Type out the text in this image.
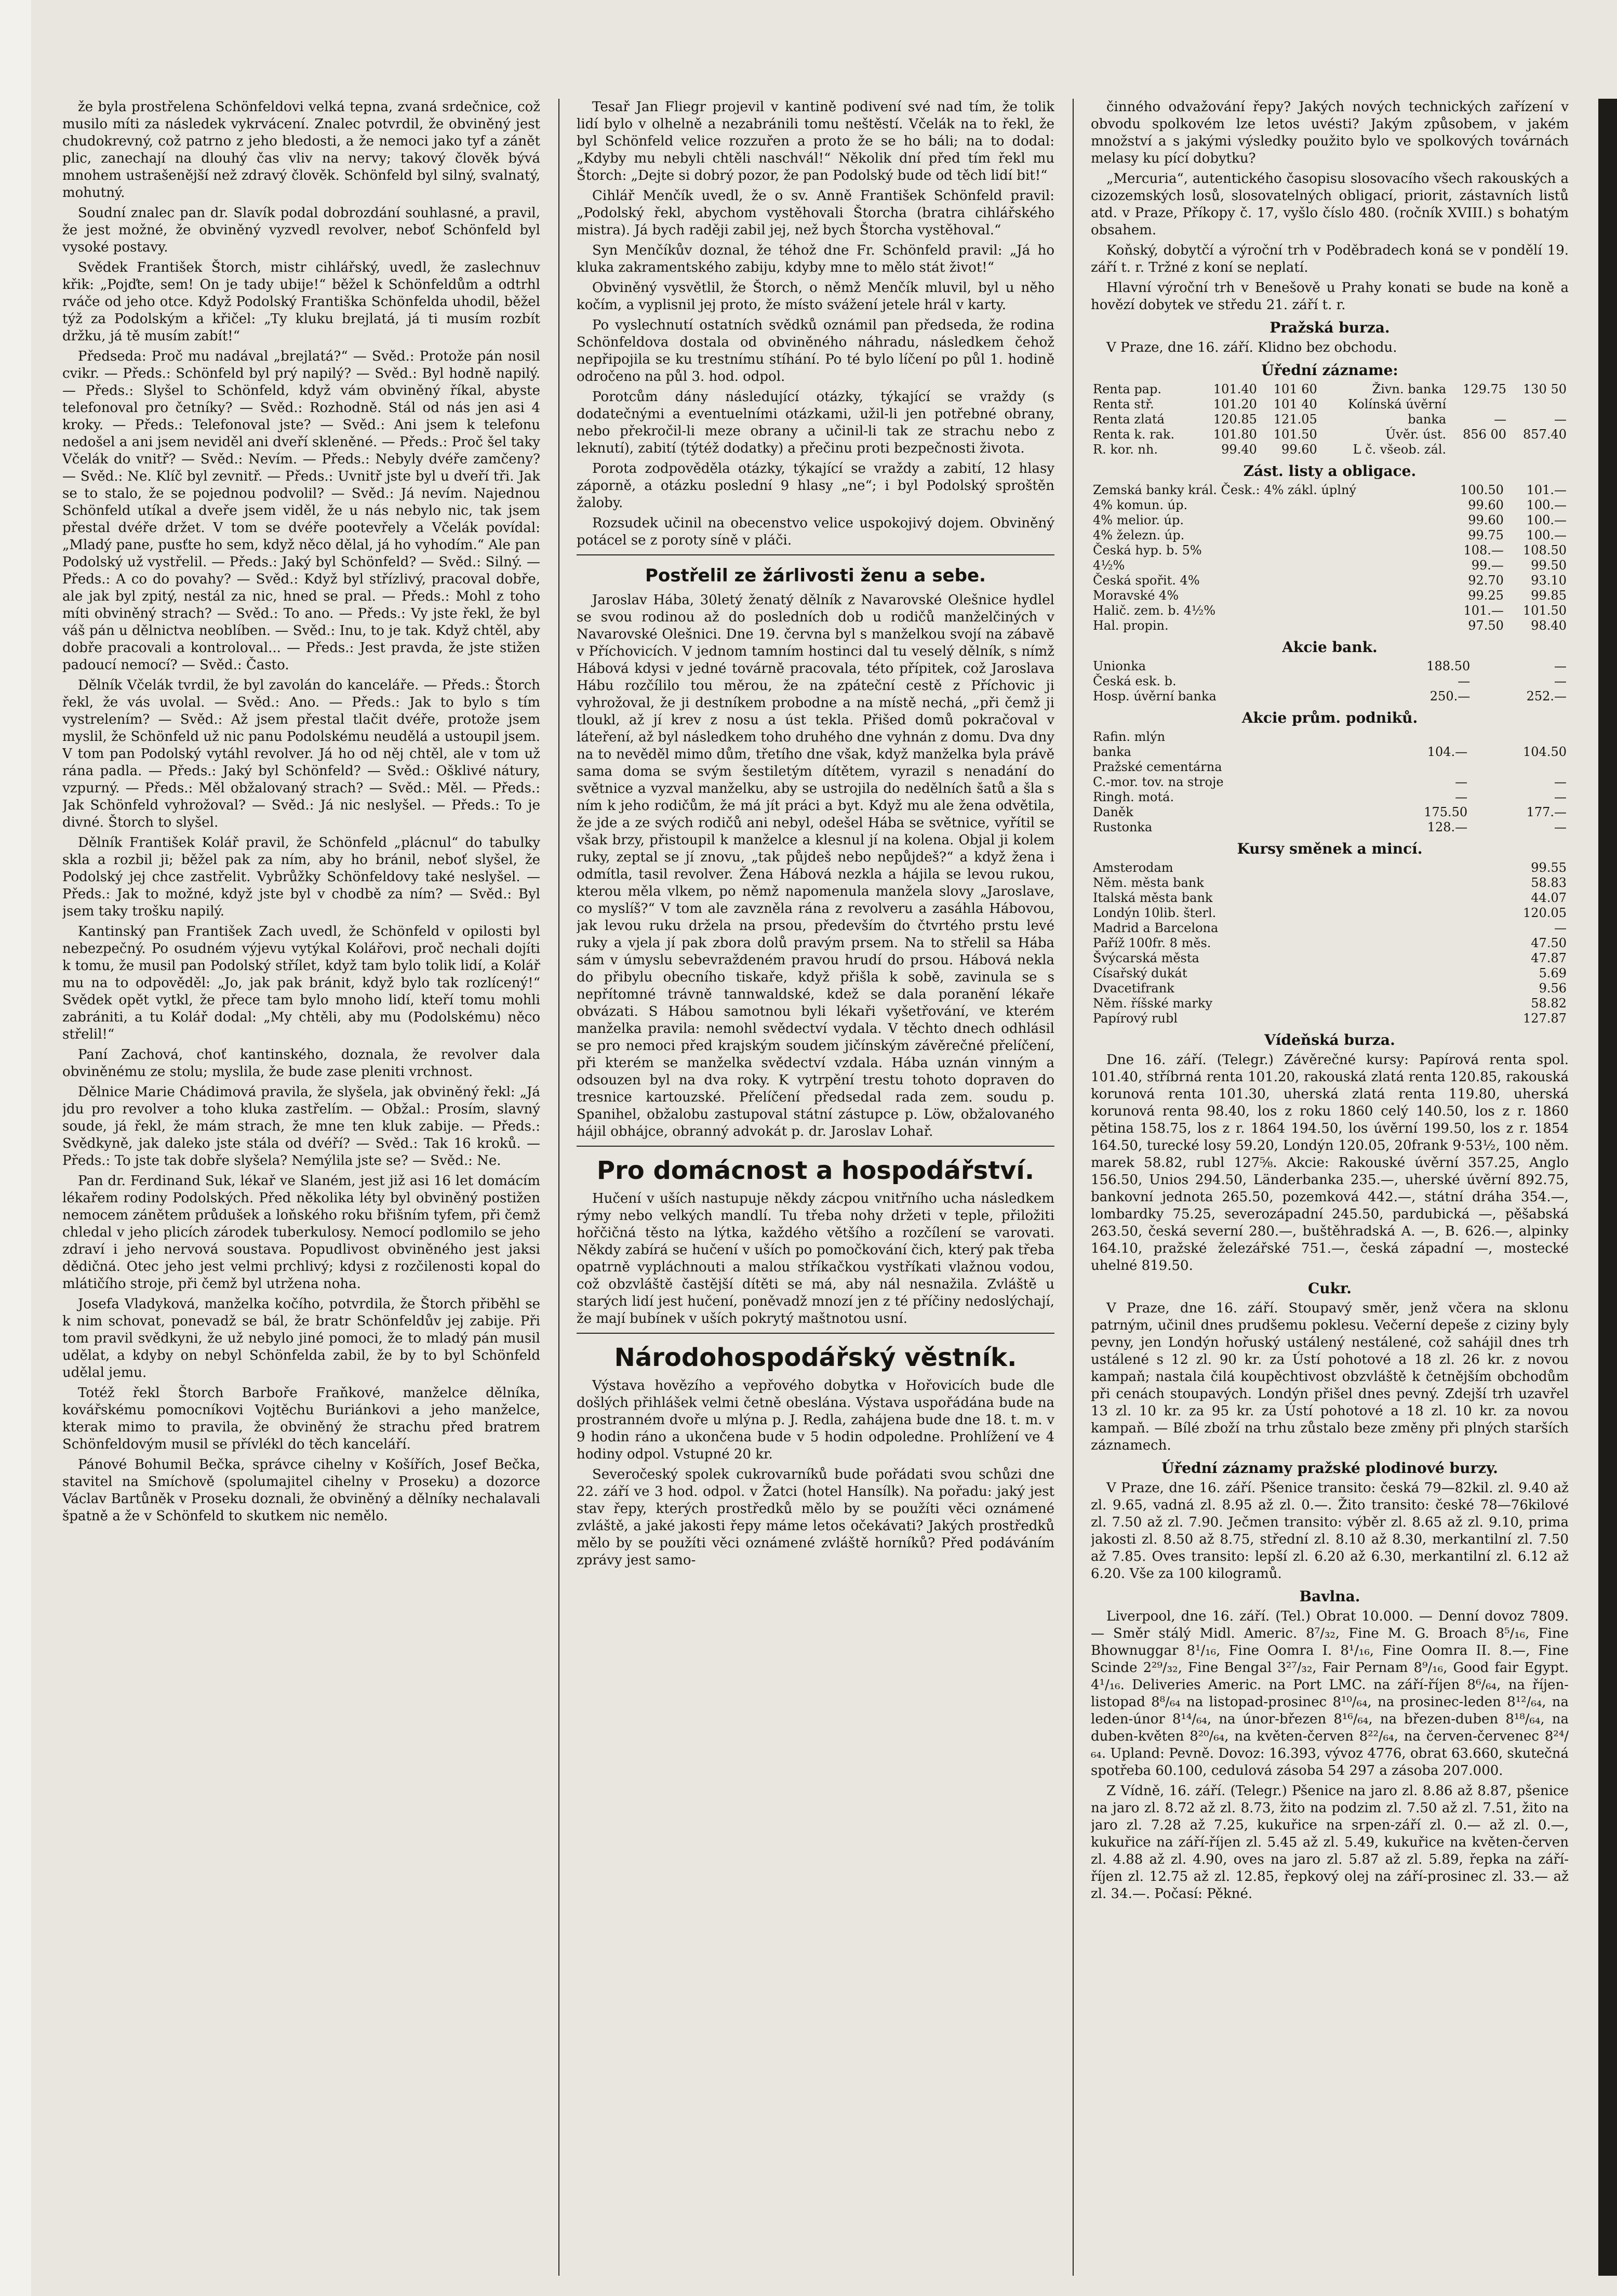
že byla prostřelena Schönfeldovi velká tepna, zvaná srdečnice, což musilo míti za následek vykrvácení. Znalec potvrdil, že obviněný jest chudokrevný, což patrno z jeho bledosti, a že nemoci jako tyf a zánět plic, zanechají na dlouhý čas vliv na nervy; takový člověk bývá mnohem ustrašenější než zdravý člověk. Schönfeld byl silný, svalnatý, mohutný.

Soudní znalec pan dr. Slavík podal dobrozdání souhlasné, a pravil, že jest možné, že obviněný vyzvedl revolver, neboť Schönfeld byl vysoké postavy.

Svědek František Štorch, mistr cihlářský, uvedl, že zaslechnuv křik: „Pojďte, sem! On je tady ubije!“ běžel k Schönfeldům a odtrhl rváče od jeho otce. Když Podolský Františka Schönfelda uhodil, běžel týž za Podolským a křičel: „Ty kluku brejlatá, já ti musím rozbít držku, já tě musím zabít!“

Předseda: Proč mu nadával „brejlatá?“ — Svěd.: Protože pán nosil cvikr. — Předs.: Schönfeld byl prý napilý? — Svěd.: Byl hodně napilý. — Předs.: Slyšel to Schönfeld, když vám obviněný říkal, abyste telefonoval pro četníky? — Svěd.: Rozhodně. Stál od nás jen asi 4 kroky. — Předs.: Telefonoval jste? — Svěd.: Ani jsem k telefonu nedošel a ani jsem neviděl ani dveří skleněné. — Předs.: Proč šel taky Včelák do vnitř? — Svěd.: Nevím. — Předs.: Nebyly dvéře zamčeny? — Svěd.: Ne. Klíč byl zevnitř. — Předs.: Uvnitř jste byl u dveří tři. Jak se to stalo, že se pojednou podvolil? — Svěd.: Já nevím. Najednou Schönfeld utíkal a dveře jsem viděl, že u nás nebylo nic, tak jsem přestal dvéře držet. V tom se dvéře pootevřely a Včelák povídal: „Mladý pane, pusťte ho sem, když něco dělal, já ho vyhodím.“ Ale pan Podolský už vystřelil. — Předs.: Jaký byl Schönfeld? — Svěd.: Silný. — Předs.: A co do povahy? — Svěd.: Když byl střízlivý, pracoval dobře, ale jak byl zpitý, nestál za nic, hned se pral. — Předs.: Mohl z toho míti obviněný strach? — Svěd.: To ano. — Předs.: Vy jste řekl, že byl váš pán u dělnictva neoblíben. — Svěd.: Inu, to je tak. Když chtěl, aby dobře pracovali a kontroloval... — Předs.: Jest pravda, že jste stižen padoucí nemocí? — Svěd.: Často.

Dělník Včelák tvrdil, že byl zavolán do kanceláře. — Předs.: Štorch řekl, že vás uvolal. — Svěd.: Ano. — Předs.: Jak to bylo s tím vystrelením? — Svěd.: Až jsem přestal tlačit dvéře, protože jsem myslil, že Schönfeld už nic panu Podolskému neudělá a ustoupil jsem. V tom pan Podolský vytáhl revolver. Já ho od něj chtěl, ale v tom už rána padla. — Předs.: Jaký byl Schönfeld? — Svěd.: Ošklivé nátury, vzpurný. — Předs.: Měl obžalovaný strach? — Svěd.: Měl. — Předs.: Jak Schönfeld vyhrožoval? — Svěd.: Já nic neslyšel. — Předs.: To je divné. Štorch to slyšel.

Dělník František Kolář pravil, že Schönfeld „plácnul“ do tabulky skla a rozbil ji; běžel pak za ním, aby ho bránil, neboť slyšel, že Podolský jej chce zastřelit. Vybrůžky Schönfeldovy také neslyšel. — Předs.: Jak to možné, když jste byl v chodbě za ním? — Svěd.: Byl jsem taky trošku napilý.

Kantinský pan František Zach uvedl, že Schönfeld v opilosti byl nebezpečný. Po osudném výjevu vytýkal Kolářovi, proč nechali dojíti k tomu, že musil pan Podolský střílet, když tam bylo tolik lidí, a Kolář mu na to odpověděl: „Jo, jak pak bránit, když bylo tak rozlícený!“ Svědek opět vytkl, že přece tam bylo mnoho lidí, kteří tomu mohli zabrániti, a tu Kolář dodal: „My chtěli, aby mu (Podolskému) něco střelil!“

Paní Zachová, choť kantinského, doznala, že revolver dala obviněnému ze stolu; myslila, že bude zase pleniti vrchnost.

Dělnice Marie Chádimová pravila, že slyšela, jak obviněný řekl: „Já jdu pro revolver a toho kluka zastřelím. — Obžal.: Prosím, slavný soude, já řekl, že mám strach, že mne ten kluk zabije. — Předs.: Svědkyně, jak daleko jste stála od dvéří? — Svěd.: Tak 16 kroků. — Předs.: To jste tak dobře slyšela? Nemýlila jste se? — Svěd.: Ne.

Pan dr. Ferdinand Suk, lékař ve Slaném, jest již asi 16 let domácím lékařem rodiny Podolských. Před několika léty byl obviněný postižen nemocem zánětem průdušek a loňského roku břišním tyfem, při čemž chledal v jeho plicích zárodek tuberkulosy. Nemocí podlomilo se jeho zdraví i jeho nervová soustava. Popudlivost obviněného jest jaksi dědičná. Otec jeho jest velmi prchlivý; kdysi z rozčilenosti kopal do mlátičího stroje, při čemž byl utržena noha.

Josefa Vladyková, manželka kočího, potvrdila, že Štorch přiběhl se k nim schovat, ponevadž se bál, že bratr Schönfeldův jej zabije. Při tom pravil svědkyni, že už nebylo jiné pomoci, že to mladý pán musil udělat, a kdyby on nebyl Schönfelda zabil, že by to byl Schönfeld udělal jemu.

Totéž řekl Štorch Barboře Fraňkové, manželce dělníka, kovářskému pomocníkovi Vojtěchu Buriánkovi a jeho manželce, kterak mimo to pravila, že obviněný že strachu před bratrem Schönfeldovým musil se přívlékl do těch kanceláří.

Pánové Bohumil Bečka, správce cihelny v Košířích, Josef Bečka, stavitel na Smíchově (spolumajitel cihelny v Proseku) a dozorce Václav Bartůněk v Proseku doznali, že obviněný a dělníky nechalavali špatně a že v Schönfeld to skutkem nic nemělo.

Tesař Jan Fliegr projevil v kantině podivení své nad tím, že tolik lidí bylo v olhelně a nezabránili tomu neštěstí. Včelák na to řekl, že byl Schönfeld velice rozzuřen a proto že se ho báli; na to dodal: „Kdyby mu nebyli chtěli naschvál!“ Několik dní před tím řekl mu Štorch: „Dejte si dobrý pozor, že pan Podolský bude od těch lidí bit!“

Cihlář Menčík uvedl, že o sv. Anně František Schönfeld pravil: „Podolský řekl, abychom vystěhovali Štorcha (bratra cihlářského mistra). Já bych raději zabil jej, než bych Štorcha vystěhoval.“

Syn Menčíkův doznal, že téhož dne Fr. Schönfeld pravil: „Já ho kluka zakramentského zabiju, kdyby mne to mělo stát život!“

Obviněný vysvětlil, že Štorch, o němž Menčík mluvil, byl u něho kočím, a vyplisnil jej proto, že místo svážení jetele hrál v karty.

Po vyslechnutí ostatních svědků oznámil pan předseda, že rodina Schönfeldova dostala od obviněného náhradu, následkem čehož nepřipojila se ku trestnímu stíhání. Po té bylo líčení po půl 1. hodině odročeno na půl 3. hod. odpol.

Porotcům dány následující otázky, týkající se vraždy (s dodatečnými a eventuelními otázkami, užil-li jen potřebné obrany, nebo překročil-li meze obrany a učinil-li tak ze strachu nebo z leknutí), zabití (týtéž dodatky) a přečinu proti bezpečnosti života.

Porota zodpověděla otázky, týkající se vraždy a zabití, 12 hlasy záporně, a otázku poslední 9 hlasy „ne“; i byl Podolský sproštěn žaloby.

Rozsudek učinil na obecenstvo velice uspokojivý dojem. Obviněný potácel se z poroty síně v pláči.

Postřelil ze žárlivosti ženu a sebe.

Jaroslav Hába, 30letý ženatý dělník z Navarovské Olešnice hydlel se svou rodinou až do posledních dob u rodičů manželčiných v Navarovské Olešnici. Dne 19. června byl s manželkou svojí na zábavě v Příchovicích. V jednom tamním hostinci dal tu veselý dělník, s nímž Hábová kdysi v jedné továrně pracovala, této přípitek, což Jaroslava Hábu rozčílilo tou měrou, že na zpáteční cestě z Příchovic ji vyhrožoval, že ji destníkem probodne a na místě nechá, „při čemž ji tloukl, až jí krev z nosu a úst tekla. Přišed domů pokračoval v láteření, až byl následkem toho druhého dne vyhnán z domu. Dva dny na to nevěděl mimo dům, třetího dne však, když manželka byla právě sama doma se svým šestiletým dítětem, vyrazil s nenadání do světnice a vyzval manželku, aby se ustrojila do nedělních šatů a šla s ním k jeho rodičům, že má jít práci a byt. Když mu ale žena odvětila, že jde a ze svých rodičů ani nebyl, odešel Hába se světnice, vyřítil se však brzy, přistoupil k manželce a klesnul jí na kolena. Objal ji kolem ruky, zeptal se jí znovu, „tak půjdeš nebo nepůjdeš?“ a když žena i odmítla, tasil revolver. Žena Hábová nezkla a hájila se levou rukou, kterou měla vlkem, po němž napomenula manžela slovy „Jaroslave, co myslíš?“ V tom ale zavzněla rána z revolveru a zasáhla Hábovou, jak levou ruku držela na prsou, především do čtvrtého prstu levé ruky a vjela jí pak zbora dolů pravým prsem. Na to střelil sa Hába sám v úmyslu sebevraždeném pravou hrudí do prsou. Hábová nekla do přibylu obecního tiskaře, když přišla k sobě, zavinula se s nepřítomné trávně tannwaldské, kdež se dala poranění lékaře obvázati. S Hábou samotnou byli lékaři vyšetřování, ve kterém manželka pravila: nemohl svědectví vydala. V těchto dnech odhlásil se pro nemoci před krajským soudem jičínským závěrečné přelíčení, při kterém se manželka svědectví vzdala. Hába uznán vinným a odsouzen byl na dva roky. K vytrpění trestu tohoto dopraven do tresnice kartouzské. Přelíčení předsedal rada zem. soudu p. Spanihel, obžalobu zastupoval státní zástupce p. Löw, obžalovaného hájil obhájce, obranný advokát p. dr. Jaroslav Lohař.

Pro domácnost a hospodářství.

Hučení v uších nastupuje někdy zácpou vnitřního ucha následkem rýmy nebo velkých mandlí. Tu třeba nohy držeti v teple, přiložiti hořčičná těsto na lýtka, každého většího a rozčílení se varovati. Někdy zabírá se hučení v uších po pomočkování čich, který pak třeba opatrně vypláchnouti a malou stříkačkou vystříkati vlažnou vodou, což obzvláště častější dítěti se má, aby nál nesnažila. Zvláště u starých lidí jest hučení, poněvadž mnozí jen z té příčiny nedoslýchají, že mají bubínek v uších pokrytý maštnotou usní.

Národohospodářský věstník.

Výstava hovězího a vepřového dobytka v Hořovicích bude dle došlých přihlášek velmi četně obeslána. Výstava uspořádána bude na prostranném dvoře u mlýna p. J. Redla, zahájena bude dne 18. t. m. v 9 hodin ráno a ukončena bude v 5 hodin odpoledne. Prohlížení ve 4 hodiny odpol. Vstupné 20 kr.

Severočeský spolek cukrovarníků bude pořádati svou schůzi dne 22. září ve 3 hod. odpol. v Žatci (hotel Hansílk). Na pořadu: jaký jest stav řepy, kterých prostředků mělo by se použíti věci oznámené zvláště, a jaké jakosti řepy máme letos očekávati? Jakých prostředků mělo by se použíti věci oznámené zvláště horníků? Před podáváním zprávy jest samo-

činného odvažování řepy? Jakých nových technických zařízení v obvodu spolkovém lze letos uvésti? Jakým způsobem, v jakém množství a s jakými výsledky použito bylo ve spolkových továrnách melasy ku pící dobytku?

„Mercuria“, autentického časopisu slosovacího všech rakouských a cizozemských losů, slosovatelných obligací, priorit, zástavních listů atd. v Praze, Příkopy č. 17, vyšlo číslo 480. (ročník XVIII.) s bohatým obsahem.

Koňský, dobytčí a výroční trh v Poděbradech koná se v pondělí 19. září t. r. Tržné z koní se neplatí.

Hlavní výroční trh v Benešově u Prahy konati se bude na koně a hovězí dobytek ve středu 21. září t. r.

Pražská burza.

V Praze, dne 16. září. Klidno bez obchodu.

Úřední zázname:
Renta pap.	101.40	101 60	Živn. banka	129.75	130 50
Renta stř.	101.20	101 40	Kolínská úvěrní		
Renta zlatá	120.85	121.05	banka	—	—
Renta k. rak.	101.80	101.50	Úvěr. úst.	856 00	857.40
R. kor. nh.	99.40	99.60	L č. všeob. zál.		
Zást. listy a obligace.
Zemská banky král. Česk.: 4% zákl. úplný	100.50	101.—
4% komun. úp.	99.60	100.—
4% melior. úp.	99.60	100.—
4% železn. úp.	99.75	100.—
Česká hyp. b. 5%	108.—	108.50
4½%	99.—	99.50
Česká spořit. 4%	92.70	93.10
Moravské 4%	99.25	99.85
Halič. zem. b. 4½%	101.—	101.50
Hal. propin.	97.50	98.40
Akcie bank.
Unionka	188.50	—
Česká esk. b.	—	—
Hosp. úvěrní banka	250.—	252.—
Akcie prům. podniků.
Rafin. mlýn		
banka	104.—	104.50
Pražské cementárna		
C.-mor. tov. na stroje	—	—
Ringh. motá.	—	—
Daněk	175.50	177.—
Rustonka	128.—	—
Kursy směnek a mincí.
Amsterodam	99.55
Něm. města bank	58.83
Italská města bank	44.07
Londýn 10lib. šterl.	120.05
Madrid a Barcelona	—
Paříž 100fr. 8 měs.	47.50
Švýcarská města	47.87
Císařský dukát	5.69
Dvacetifrank	9.56
Něm. říšské marky	58.82
Papírový rubl	127.87
Vídeňská burza.

Dne 16. září. (Telegr.) Závěrečné kursy: Papírová renta spol. 101.40, stříbrná renta 101.20, rakouská zlatá renta 120.85, rakouská korunová renta 101.30, uherská zlatá renta 119.80, uherská korunová renta 98.40, los z roku 1860 celý 140.50, los z r. 1860 pětina 158.75, los z r. 1864 194.50, los úvěrní 199.50, los z r. 1854 164.50, turecké losy 59.20, Londýn 120.05, 20frank 9·53½, 100 něm. marek 58.82, rubl 127⅝. Akcie: Rakouské úvěrní 357.25, Anglo 156.50, Unios 294.50, Länderbanka 235.—, uherské úvěrní 892.75, bankovní jednota 265.50, pozemková 442.—, státní dráha 354.—, lombardky 75.25, severozápadní 245.50, pardubická —, pěšabská 263.50, česká severní 280.—, buštěhradská A. —, B. 626.—, alpinky 164.10, pražské železářské 751.—, česká západní —, mostecké uhelné 819.50.

Cukr.

V Praze, dne 16. září. Stoupavý směr, jenž včera na sklonu patrným, učinil dnes prudšemu poklesu. Večerní depeše z ciziny byly pevny, jen Londýn hořuský ustálený nestálené, což sahájil dnes trh ustálené s 12 zl. 90 kr. za Ústí pohotové a 18 zl. 26 kr. z novou kampaň; nastala čilá koupěchtivost obzvláště k četnějším obchodům při cenách stoupavých. Londýn přišel dnes pevný. Zdejší trh uzavřel 13 zl. 10 kr. za 95 kr. za Ústí pohotové a 18 zl. 10 kr. za novou kampaň. — Bílé zboží na trhu zůstalo beze změny při plných starších záznamech.

Úřední záznamy pražské plodinové burzy.

V Praze, dne 16. září. Pšenice transito: česká 79—82kil. zl. 9.40 až zl. 9.65, vadná zl. 8.95 až zl. 0.—. Žito transito: české 78—76kilové zl. 7.50 až zl. 7.90. Ječmen transito: výběr zl. 8.65 až zl. 9.10, prima jakosti zl. 8.50 až 8.75, střední zl. 8.10 až 8.30, merkantilní zl. 7.50 až 7.85. Oves transito: lepší zl. 6.20 až 6.30, merkantilní zl. 6.12 až 6.20. Vše za 100 kilogramů.

Bavlna.

Liverpool, dne 16. září. (Tel.) Obrat 10.000. — Denní dovoz 7809. — Směr stálý Midl. Americ. 8⁷/₃₂, Fine M. G. Broach 8⁵/₁₆, Fine Bhownuggar 8¹/₁₆, Fine Oomra I. 8¹/₁₆, Fine Oomra II. 8.—, Fine Scinde 2²⁹/₃₂, Fine Bengal 3²⁷/₃₂, Fair Pernam 8⁹/₁₆, Good fair Egypt. 4¹/₁₆. Deliveries Americ. na Port LMC. na září-říjen 8⁶/₆₄, na říjen-listopad 8⁸/₆₄ na listopad-prosinec 8¹⁰/₆₄, na prosinec-leden 8¹²/₆₄, na leden-únor 8¹⁴/₆₄, na únor-březen 8¹⁶/₆₄, na březen-duben 8¹⁸/₆₄, na duben-květen 8²⁰/₆₄, na květen-červen 8²²/₆₄, na červen-červenec 8²⁴/₆₄. Upland: Pevně. Dovoz: 16.393, vývoz 4776, obrat 63.660, skutečná spotřeba 60.100, cedulová zásoba 54 297 a zásoba 207.000.

Z Vídně, 16. září. (Telegr.) Pšenice na jaro zl. 8.86 až 8.87, pšenice na jaro zl. 8.72 až zl. 8.73, žito na podzim zl. 7.50 až zl. 7.51, žito na jaro zl. 7.28 až 7.25, kukuřice na srpen-září zl. 0.— až zl. 0.—, kukuřice na září-říjen zl. 5.45 až zl. 5.49, kukuřice na květen-červen zl. 4.88 až zl. 4.90, oves na jaro zl. 5.87 až zl. 5.89, řepka na září-říjen zl. 12.75 až zl. 12.85, řepkový olej na září-prosinec zl. 33.— až zl. 34.—. Počasí: Pěkné.
